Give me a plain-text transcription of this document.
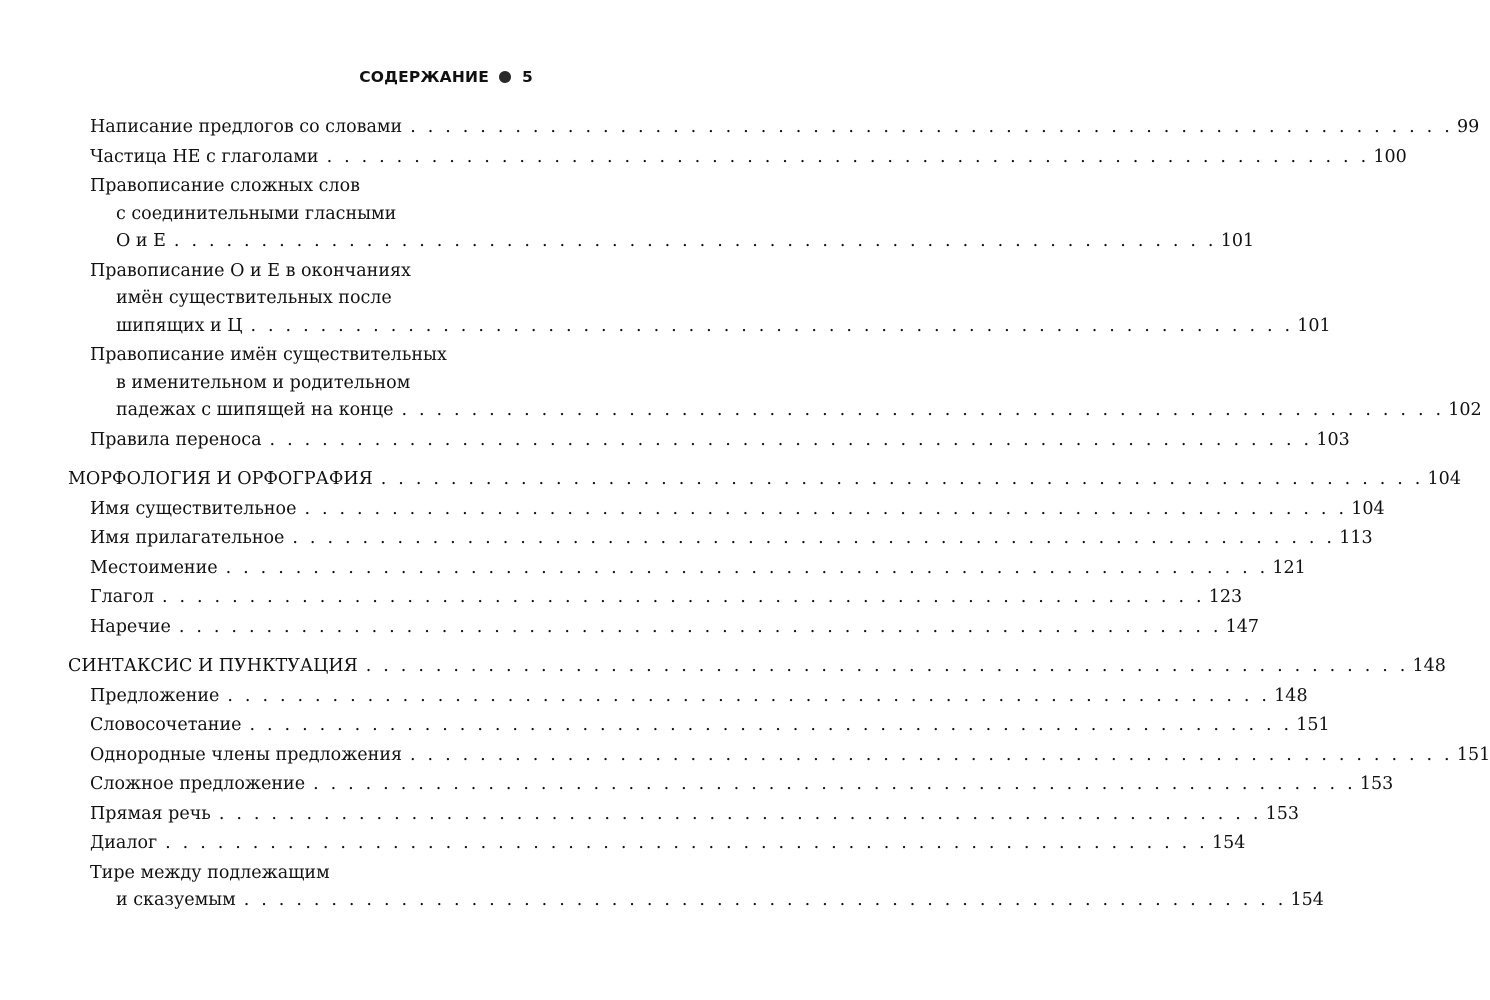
СОДЕРЖАНИЕ 5
Написание предлогов со словами . . . . . . . . . . . . . . . . . . . . . . . . . . . . . . . . . . . . . . . . . . . . . . . . . . . . . . . . . . . . 99
Частица НЕ с глаголами . . . . . . . . . . . . . . . . . . . . . . . . . . . . . . . . . . . . . . . . . . . . . . . . . . . . . . . . . . . . 100
Правописание сложных слов
с соединительными гласными
О и Е . . . . . . . . . . . . . . . . . . . . . . . . . . . . . . . . . . . . . . . . . . . . . . . . . . . . . . . . . . . . 101
Правописание О и Е в окончаниях
имён существительных после
шипящих и Ц . . . . . . . . . . . . . . . . . . . . . . . . . . . . . . . . . . . . . . . . . . . . . . . . . . . . . . . . . . . . 101
Правописание имён существительных
в именительном и родительном
падежах с шипящей на конце . . . . . . . . . . . . . . . . . . . . . . . . . . . . . . . . . . . . . . . . . . . . . . . . . . . . . . . . . . . . 102
Правила переноса . . . . . . . . . . . . . . . . . . . . . . . . . . . . . . . . . . . . . . . . . . . . . . . . . . . . . . . . . . . . 103
МОРФОЛОГИЯ И ОРФОГРАФИЯ . . . . . . . . . . . . . . . . . . . . . . . . . . . . . . . . . . . . . . . . . . . . . . . . . . . . . . . . . . . . 104
Имя существительное . . . . . . . . . . . . . . . . . . . . . . . . . . . . . . . . . . . . . . . . . . . . . . . . . . . . . . . . . . . . 104
Имя прилагательное . . . . . . . . . . . . . . . . . . . . . . . . . . . . . . . . . . . . . . . . . . . . . . . . . . . . . . . . . . . . 113
Местоимение . . . . . . . . . . . . . . . . . . . . . . . . . . . . . . . . . . . . . . . . . . . . . . . . . . . . . . . . . . . . 121
Глагол . . . . . . . . . . . . . . . . . . . . . . . . . . . . . . . . . . . . . . . . . . . . . . . . . . . . . . . . . . . . 123
Наречие . . . . . . . . . . . . . . . . . . . . . . . . . . . . . . . . . . . . . . . . . . . . . . . . . . . . . . . . . . . . 147
СИНТАКСИС И ПУНКТУАЦИЯ . . . . . . . . . . . . . . . . . . . . . . . . . . . . . . . . . . . . . . . . . . . . . . . . . . . . . . . . . . . . 148
Предложение . . . . . . . . . . . . . . . . . . . . . . . . . . . . . . . . . . . . . . . . . . . . . . . . . . . . . . . . . . . . 148
Словосочетание . . . . . . . . . . . . . . . . . . . . . . . . . . . . . . . . . . . . . . . . . . . . . . . . . . . . . . . . . . . . 151
Однородные члены предложения . . . . . . . . . . . . . . . . . . . . . . . . . . . . . . . . . . . . . . . . . . . . . . . . . . . . . . . . . . . . 151
Сложное предложение . . . . . . . . . . . . . . . . . . . . . . . . . . . . . . . . . . . . . . . . . . . . . . . . . . . . . . . . . . . . 153
Прямая речь . . . . . . . . . . . . . . . . . . . . . . . . . . . . . . . . . . . . . . . . . . . . . . . . . . . . . . . . . . . . 153
Диалог . . . . . . . . . . . . . . . . . . . . . . . . . . . . . . . . . . . . . . . . . . . . . . . . . . . . . . . . . . . . 154
Тире между подлежащим
и сказуемым . . . . . . . . . . . . . . . . . . . . . . . . . . . . . . . . . . . . . . . . . . . . . . . . . . . . . . . . . . . . 154
